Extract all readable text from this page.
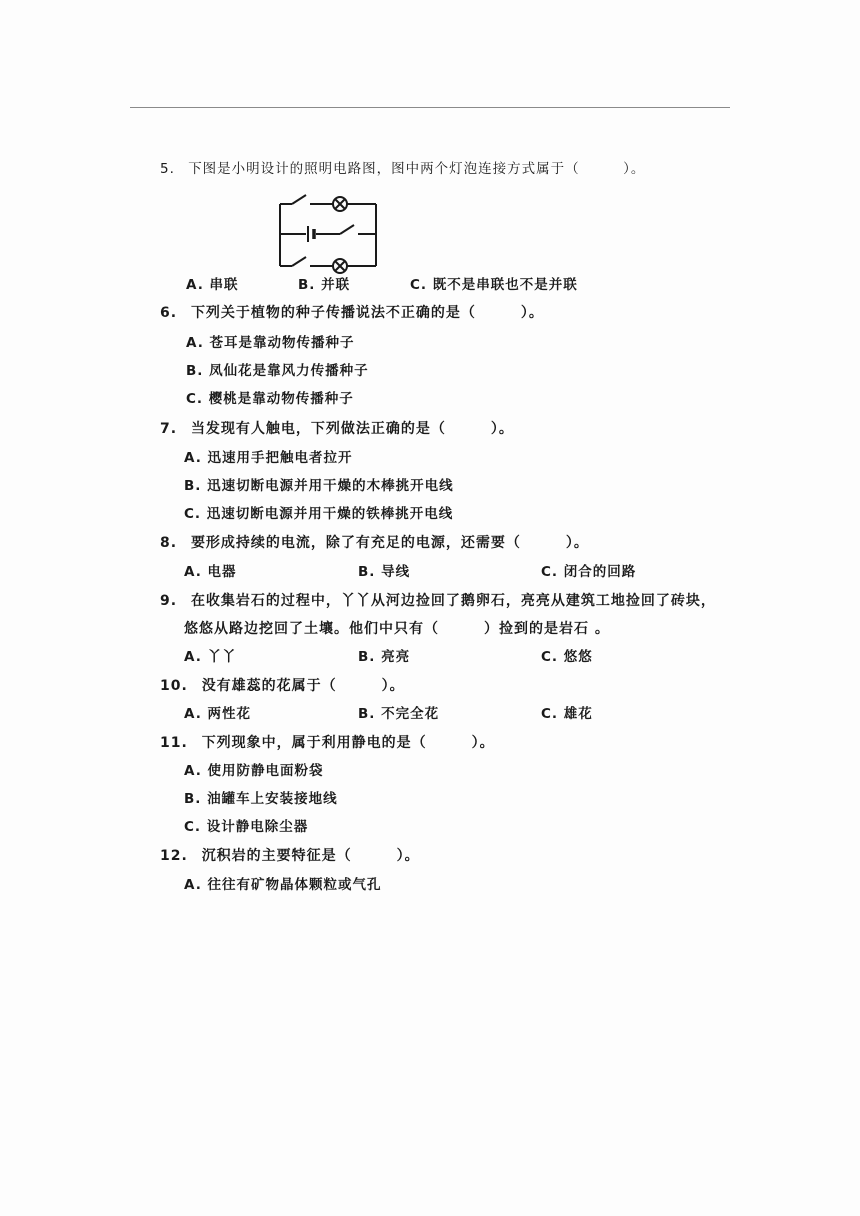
5. 下图是小明设计的照明电路图，图中两个灯泡连接方式属于（　　　）。
A. 串联	B. 并联	C. 既不是串联也不是并联
6. 下列关于植物的种子传播说法不正确的是（　　　）。
A. 苍耳是靠动物传播种子
B. 凤仙花是靠风力传播种子
C. 樱桃是靠动物传播种子
7. 当发现有人触电，下列做法正确的是（　　　）。
A. 迅速用手把触电者拉开
B. 迅速切断电源并用干燥的木棒挑开电线
C. 迅速切断电源并用干燥的铁棒挑开电线
8. 要形成持续的电流，除了有充足的电源，还需要（　　　）。
A. 电器	B. 导线	C. 闭合的回路
9. 在收集岩石的过程中，丫丫从河边捡回了鹅卵石，亮亮从建筑工地捡回了砖块，
悠悠从路边挖回了土壤。他们中只有（　　　）捡到的是岩石 。
A. 丫丫	B. 亮亮	C. 悠悠
10. 没有雄蕊的花属于（　　　）。
A. 两性花	B. 不完全花	C. 雄花
11. 下列现象中，属于利用静电的是（　　　）。
A. 使用防静电面粉袋
B. 油罐车上安装接地线
C. 设计静电除尘器
12. 沉积岩的主要特征是（　　　）。
A. 往往有矿物晶体颗粒或气孔
